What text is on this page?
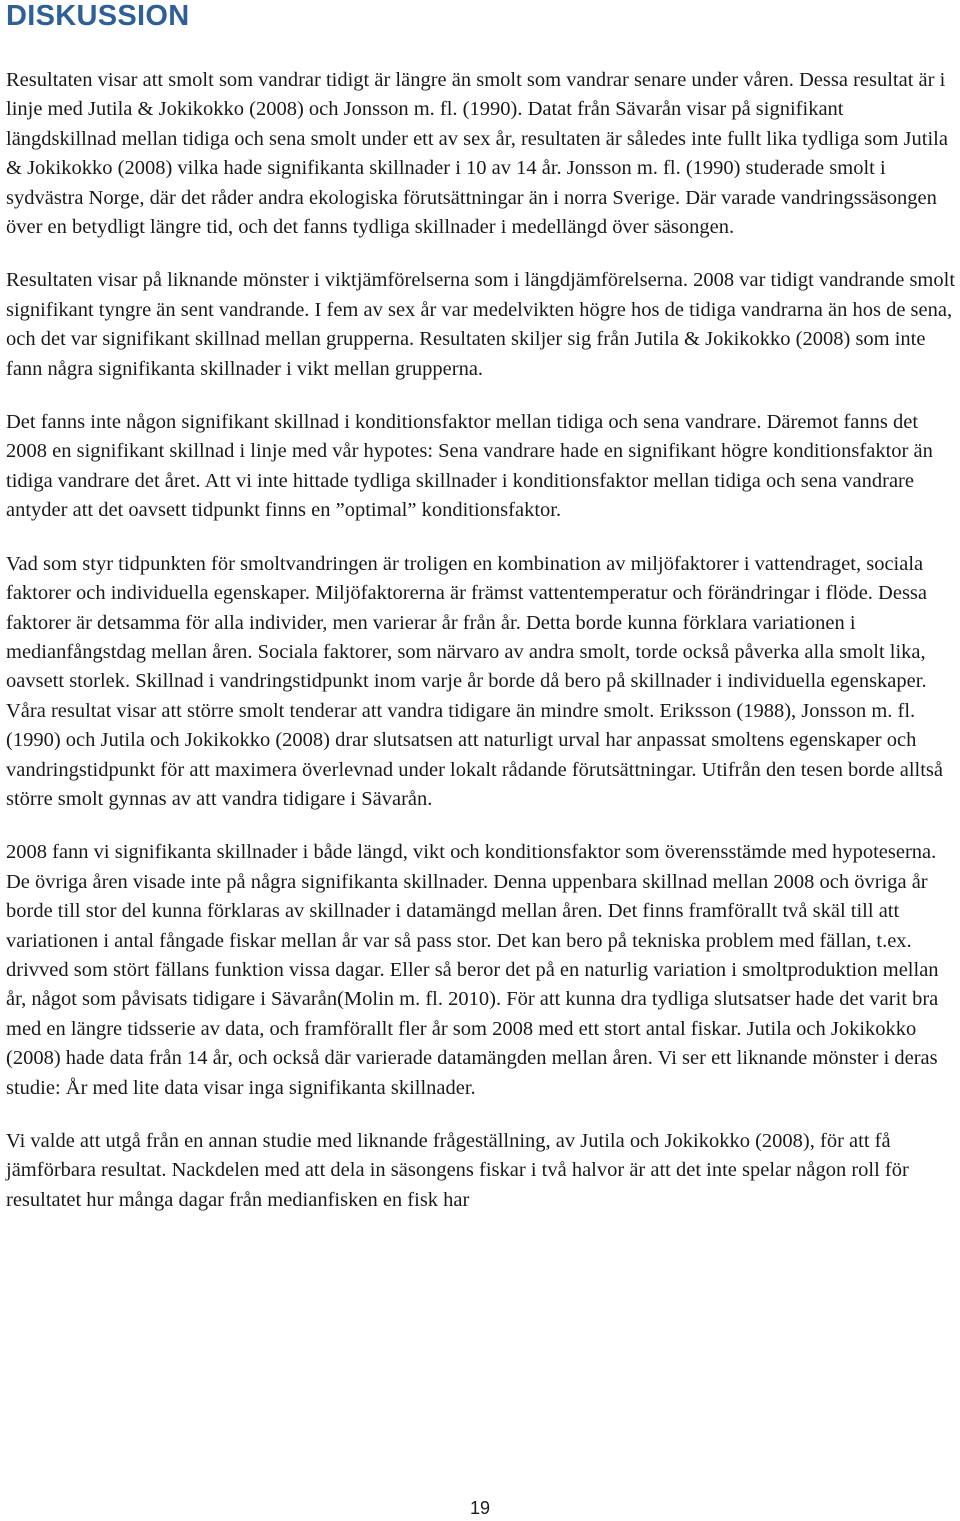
DISKUSSION

Resultaten visar att smolt som vandrar tidigt är längre än smolt som vandrar senare under våren. Dessa resultat är i linje med Jutila & Jokikokko (2008) och Jonsson m. fl. (1990). Datat från Sävarån visar på signifikant längdskillnad mellan tidiga och sena smolt under ett av sex år, resultaten är således inte fullt lika tydliga som Jutila & Jokikokko (2008) vilka hade signifikanta skillnader i 10 av 14 år. Jonsson m. fl. (1990) studerade smolt i sydvästra Norge, där det råder andra ekologiska förutsättningar än i norra Sverige. Där varade vandringssäsongen över en betydligt längre tid, och det fanns tydliga skillnader i medellängd över säsongen.

Resultaten visar på liknande mönster i viktjämförelserna som i längdjämförelserna. 2008 var tidigt vandrande smolt signifikant tyngre än sent vandrande. I fem av sex år var medelvikten högre hos de tidiga vandrarna än hos de sena, och det var signifikant skillnad mellan grupperna. Resultaten skiljer sig från Jutila & Jokikokko (2008) som inte fann några signifikanta skillnader i vikt mellan grupperna.

Det fanns inte någon signifikant skillnad i konditionsfaktor mellan tidiga och sena vandrare. Däremot fanns det 2008 en signifikant skillnad i linje med vår hypotes: Sena vandrare hade en signifikant högre konditionsfaktor än tidiga vandrare det året. Att vi inte hittade tydliga skillnader i konditionsfaktor mellan tidiga och sena vandrare antyder att det oavsett tidpunkt finns en ”optimal” konditionsfaktor.

Vad som styr tidpunkten för smoltvandringen är troligen en kombination av miljöfaktorer i vattendraget, sociala faktorer och individuella egenskaper. Miljöfaktorerna är främst vattentemperatur och förändringar i flöde. Dessa faktorer är detsamma för alla individer, men varierar år från år. Detta borde kunna förklara variationen i medianfångstdag mellan åren. Sociala faktorer, som närvaro av andra smolt, torde också påverka alla smolt lika, oavsett storlek. Skillnad i vandringstidpunkt inom varje år borde då bero på skillnader i individuella egenskaper. Våra resultat visar att större smolt tenderar att vandra tidigare än mindre smolt. Eriksson (1988), Jonsson m. fl. (1990) och Jutila och Jokikokko (2008) drar slutsatsen att naturligt urval har anpassat smoltens egenskaper och vandringstidpunkt för att maximera överlevnad under lokalt rådande förutsättningar. Utifrån den tesen borde alltså större smolt gynnas av att vandra tidigare i Sävarån.

2008 fann vi signifikanta skillnader i både längd, vikt och konditionsfaktor som överensstämde med hypoteserna. De övriga åren visade inte på några signifikanta skillnader. Denna uppenbara skillnad mellan 2008 och övriga år borde till stor del kunna förklaras av skillnader i datamängd mellan åren. Det finns framförallt två skäl till att variationen i antal fångade fiskar mellan år var så pass stor. Det kan bero på tekniska problem med fällan, t.ex. drivved som stört fällans funktion vissa dagar. Eller så beror det på en naturlig variation i smoltproduktion mellan år, något som påvisats tidigare i Sävarån(Molin m. fl. 2010). För att kunna dra tydliga slutsatser hade det varit bra med en längre tidsserie av data, och framförallt fler år som 2008 med ett stort antal fiskar. Jutila och Jokikokko (2008) hade data från 14 år, och också där varierade datamängden mellan åren. Vi ser ett liknande mönster i deras studie: År med lite data visar inga signifikanta skillnader.

Vi valde att utgå från en annan studie med liknande frågeställning, av Jutila och Jokikokko (2008), för att få jämförbara resultat. Nackdelen med att dela in säsongens fiskar i två halvor är att det inte spelar någon roll för resultatet hur många dagar från medianfisken en fisk har

19
